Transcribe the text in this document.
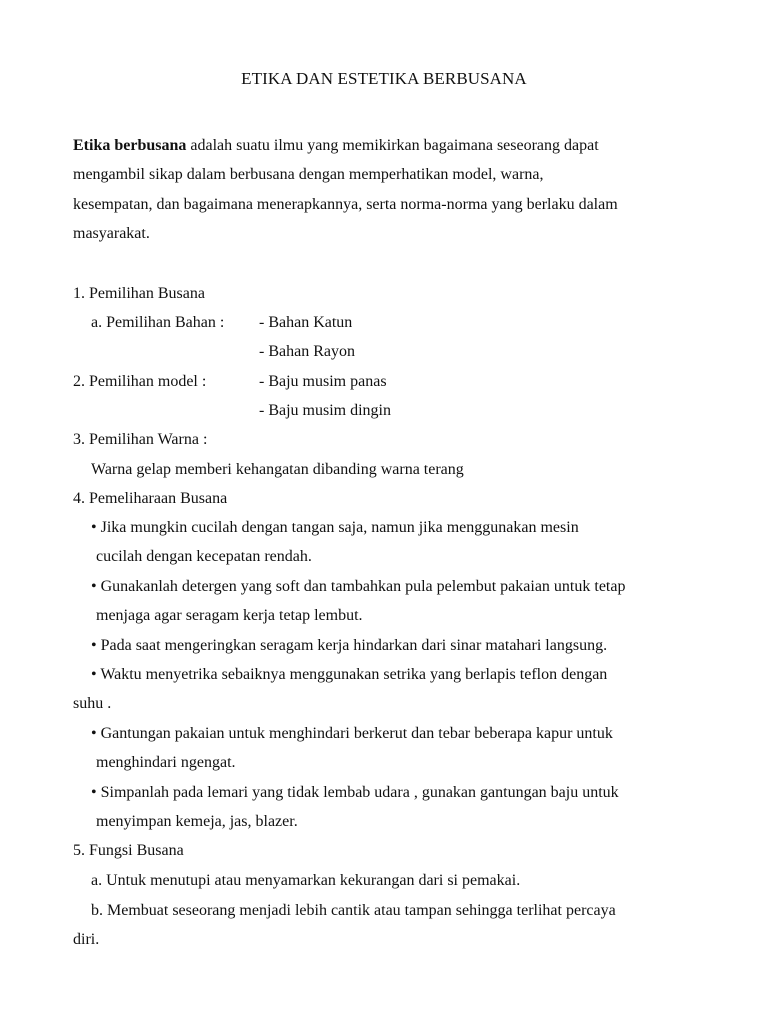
ETIKA DAN ESTETIKA BERBUSANA
Etika berbusana adalah suatu ilmu yang memikirkan bagaimana seseorang dapat
mengambil sikap dalam berbusana dengan memperhatikan model, warna,
kesempatan, dan bagaimana menerapkannya, serta norma-norma yang berlaku dalam
masyarakat.
1. Pemilihan Busana
a. Pemilihan Bahan : - Bahan Katun
- Bahan Rayon
2. Pemilihan model :	- Baju musim panas
- Baju musim dingin
3. Pemilihan Warna :
Warna gelap memberi kehangatan dibanding warna terang
4. Pemeliharaan Busana
• Jika mungkin cucilah dengan tangan saja, namun jika menggunakan mesin
cucilah dengan kecepatan rendah.
• Gunakanlah detergen yang soft dan tambahkan pula pelembut pakaian untuk tetap
menjaga agar seragam kerja tetap lembut.
• Pada saat mengeringkan seragam kerja hindarkan dari sinar matahari langsung.
• Waktu menyetrika sebaiknya menggunakan setrika yang berlapis teflon dengan
suhu .
• Gantungan pakaian untuk menghindari berkerut dan tebar beberapa kapur untuk
menghindari ngengat.
• Simpanlah pada lemari yang tidak lembab udara , gunakan gantungan baju untuk
menyimpan kemeja, jas, blazer.
5. Fungsi Busana
a. Untuk menutupi atau menyamarkan kekurangan dari si pemakai.
b. Membuat seseorang menjadi lebih cantik atau tampan sehingga terlihat percaya
diri.
